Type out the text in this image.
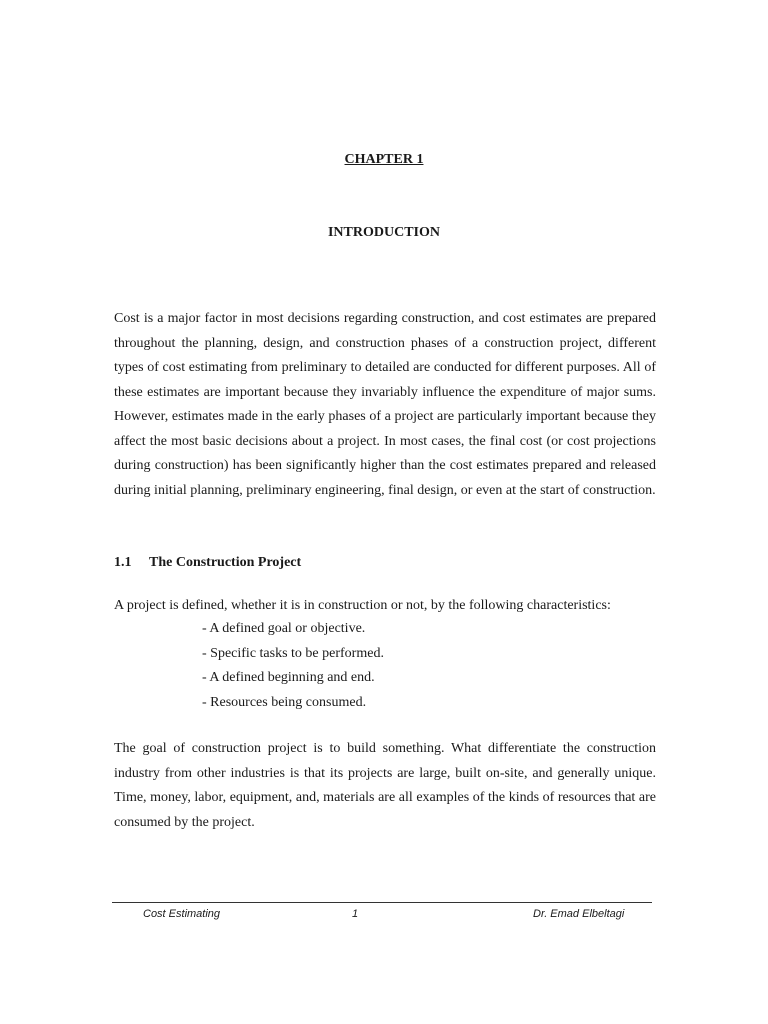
CHAPTER 1
INTRODUCTION

Cost is a major factor in most decisions regarding construction, and cost estimates are prepared throughout the planning, design, and construction phases of a construction project, different types of cost estimating from preliminary to detailed are conducted for different purposes. All of these estimates are important because they invariably influence the expenditure of major sums. However, estimates made in the early phases of a project are particularly important because they affect the most basic decisions about a project. In most cases, the final cost (or cost projections during construction) has been significantly higher than the cost estimates prepared and released during initial planning, preliminary engineering, final design, or even at the start of construction.

1.1 The Construction Project

A project is defined, whether it is in construction or not, by the following characteristics:

- A defined goal or objective.
- Specific tasks to be performed.
- A defined beginning and end.
- Resources being consumed.

The goal of construction project is to build something. What differentiate the construction industry from other industries is that its projects are large, built on-site, and generally unique. Time, money, labor, equipment, and, materials are all examples of the kinds of resources that are consumed by the project.

Cost Estimating	1	Dr. Emad Elbeltagi
